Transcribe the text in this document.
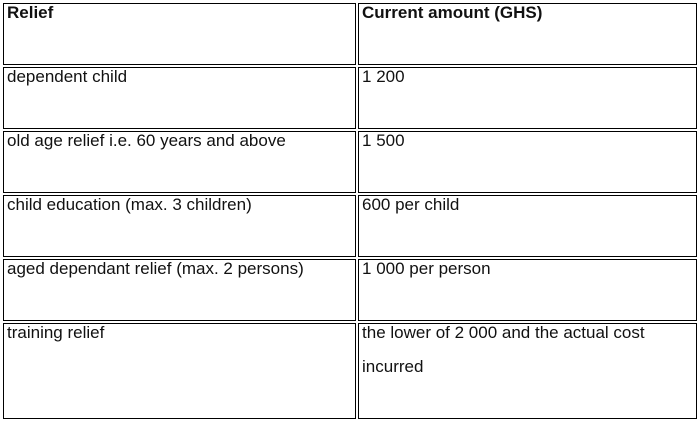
Relief	Current amount (GHS)

dependent child	1 200

old age relief i.e. 60 years and above	1 500

child education (max. 3 children)	600 per child

aged dependant relief (max. 2 persons)	1 000 per person

training relief	the lower of 2 000 and the actual cost incurred
